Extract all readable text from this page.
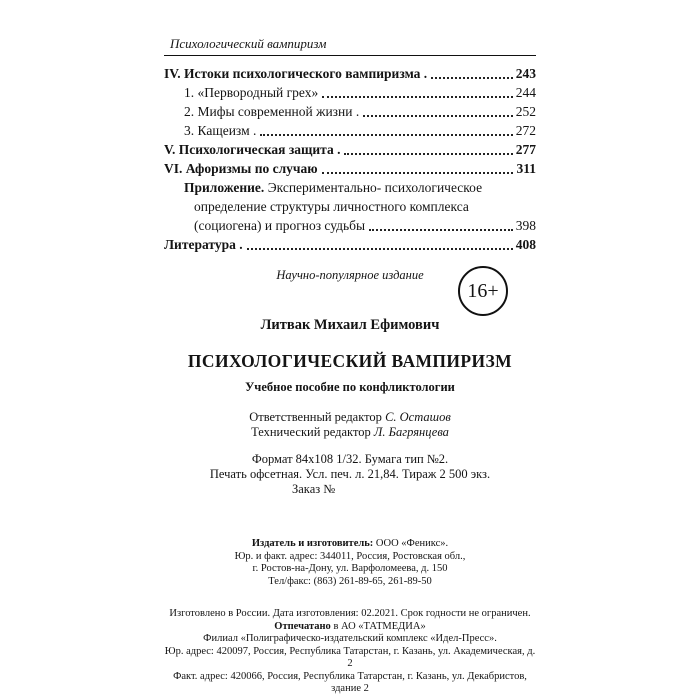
Психологический вампиризм
IV. Истоки психологического вампиризма .	243
1. «Первородный грех»	244
2. Мифы современной жизни .	252
3. Кащеизм .	272
V. Психологическая защита .	277
VI. Афоризмы по случаю	311
Приложение. Экспериментально- психологическое
определение структуры личностного комплекса
(социогена) и прогноз судьбы	398
Литература .	408
Научно-популярное издание
Литвак Михаил Ефимович
ПСИХОЛОГИЧЕСКИЙ ВАМПИРИЗМ
Учебное пособие по конфликтологии
Ответственный редактор С. Осташов
Технический редактор Л. Багрянцева
Формат 84x108 1/32. Бумага тип №2.
Печать офсетная. Усл. печ. л. 21,84. Тираж 2 500 экз.
Заказ №
Издатель и изготовитель: ООО «Феникс».
Юр. и факт. адрес: 344011, Россия, Ростовская обл.,
г. Ростов-на-Дону, ул. Варфоломеева, д. 150
Тел/факс: (863) 261-89-65, 261-89-50
Изготовлено в России. Дата изготовления: 02.2021. Срок годности не ограничен.
Отпечатано в АО «ТАТМЕДИА»
Филиал «Полиграфическо-издательский комплекс «Идел-Пресс».
Юр. адрес: 420097, Россия, Республика Татарстан, г. Казань, ул. Академическая, д. 2
Факт. адрес: 420066, Россия, Республика Татарстан, г. Казань, ул. Декабристов, здание 2
16+
